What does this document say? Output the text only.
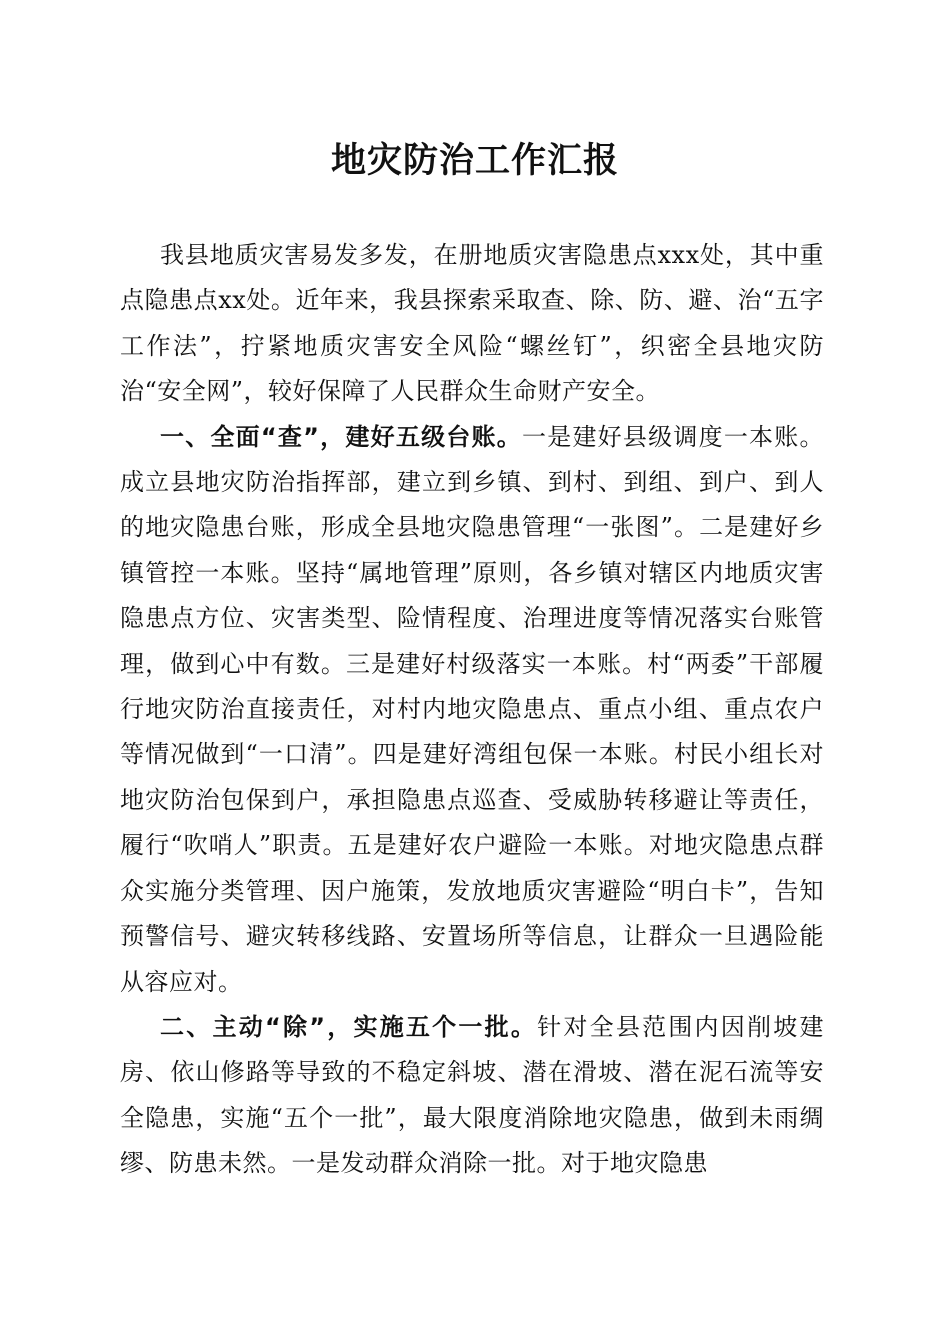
地灾防治工作汇报

我县地质灾害易发多发，在册地质灾害隐患点xxx处，其中重点隐患点xx处。近年来，我县探索采取查、除、防、避、治“五字工作法”，拧紧地质灾害安全风险“螺丝钉”，织密全县地灾防治“安全网”，较好保障了人民群众生命财产安全。

一、全面“查”，建好五级台账。一是建好县级调度一本账。成立县地灾防治指挥部，建立到乡镇、到村、到组、到户、到人的地灾隐患台账，形成全县地灾隐患管理“一张图”。二是建好乡镇管控一本账。坚持“属地管理”原则，各乡镇对辖区内地质灾害隐患点方位、灾害类型、险情程度、治理进度等情况落实台账管理，做到心中有数。三是建好村级落实一本账。村“两委”干部履行地灾防治直接责任，对村内地灾隐患点、重点小组、重点农户等情况做到“一口清”。四是建好湾组包保一本账。村民小组长对地灾防治包保到户，承担隐患点巡查、受威胁转移避让等责任，履行“吹哨人”职责。五是建好农户避险一本账。对地灾隐患点群众实施分类管理、因户施策，发放地质灾害避险“明白卡”，告知预警信号、避灾转移线路、安置场所等信息，让群众一旦遇险能从容应对。

二、主动“除”，实施五个一批。针对全县范围内因削坡建房、依山修路等导致的不稳定斜坡、潜在滑坡、潜在泥石流等安全隐患，实施“五个一批”，最大限度消除地灾隐患，做到未雨绸缪、防患未然。一是发动群众消除一批。对于地灾隐患
